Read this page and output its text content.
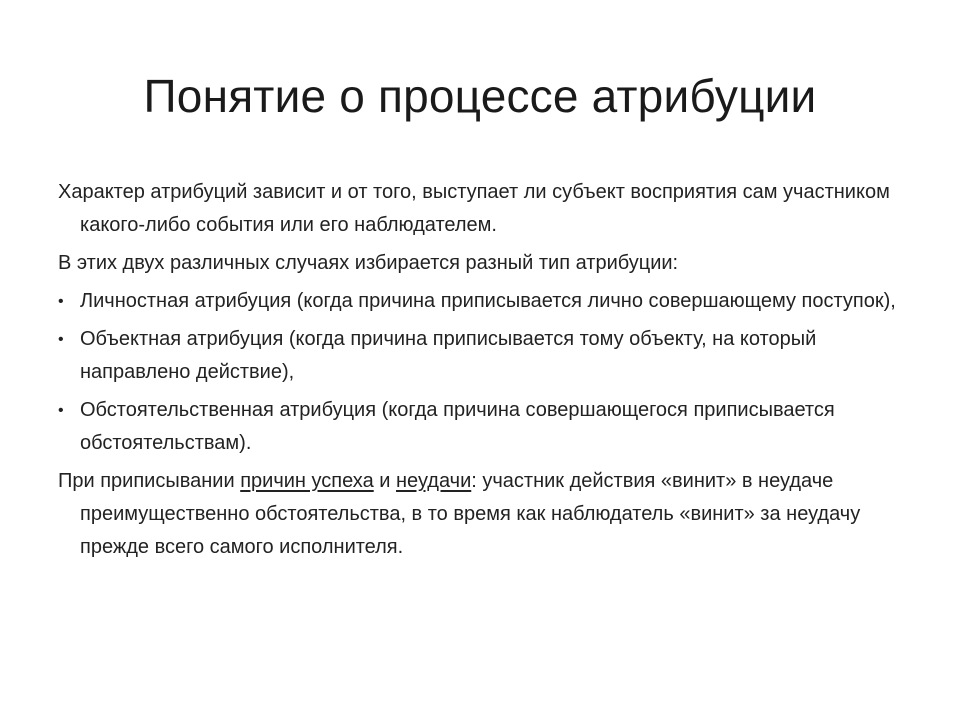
Понятие о процессе атрибуции

Характер атрибуций зависит и от того, выступает ли субъект восприятия сам участником какого-либо события или его наблюдателем.

В этих двух различных случаях избирается разный тип атрибуции:

• Личностная атрибуция (когда причина приписывается лично совершающему поступок),
• Объектная атрибуция (когда причина приписывается тому объекту, на который направлено действие),
• Обстоятельственная атрибуция (когда причина совершающегося приписывается обстоятельствам).

При приписывании причин успеха и неудачи: участник действия «винит» в неудаче преимущественно обстоятельства, в то время как наблюдатель «винит» за неудачу прежде всего самого исполнителя.
